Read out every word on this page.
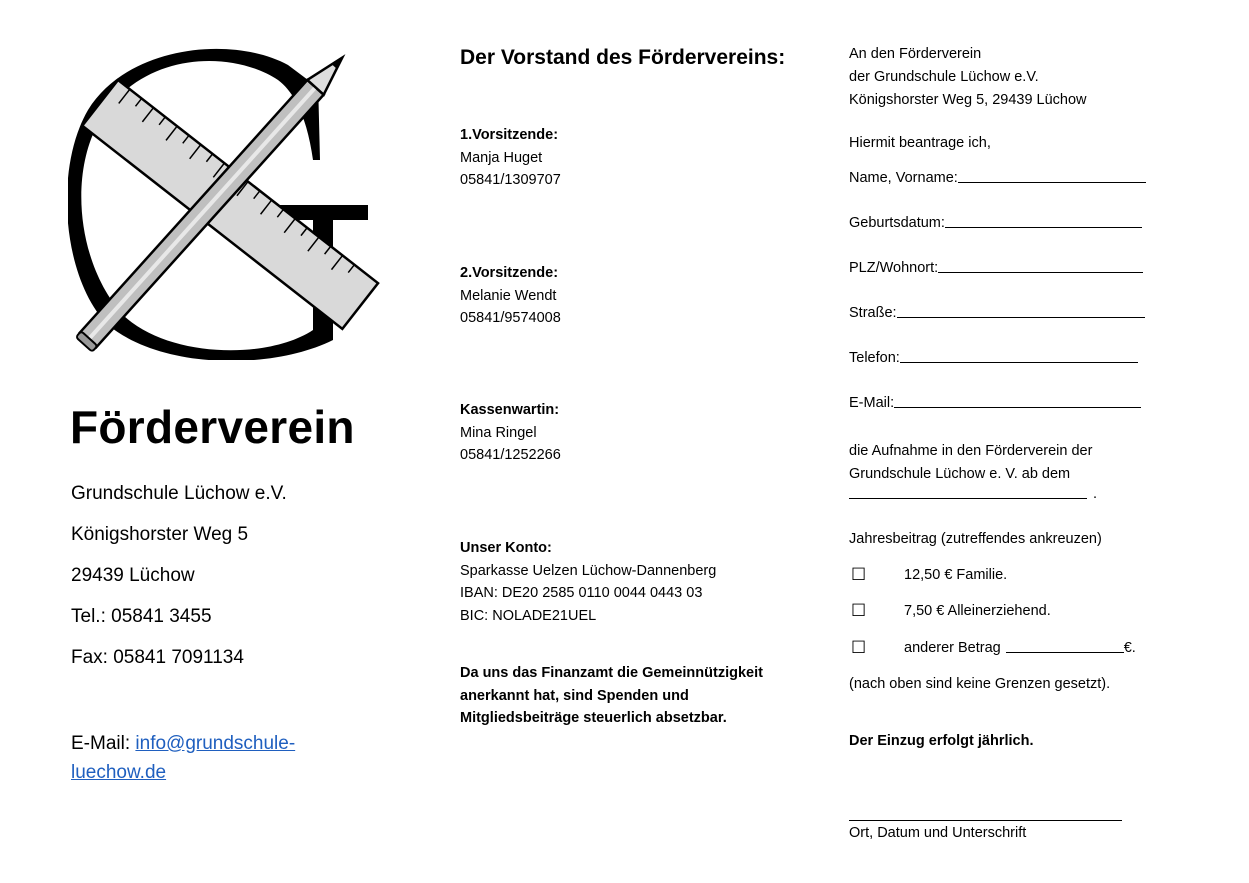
Förderverein
Grundschule Lüchow e.V.
Königshorster Weg 5
29439 Lüchow
Tel.: 05841 3455
Fax: 05841 7091134
E-Mail: info@grundschule-luechow.de
Der Vorstand des Fördervereins:
1.Vorsitzende:
Manja Huget
05841/1309707
2.Vorsitzende:
Melanie Wendt
05841/9574008
Kassenwartin:
Mina Ringel
05841/1252266
Unser Konto:
Sparkasse Uelzen Lüchow-Dannenberg
IBAN: DE20 2585 0110 0044 0443 03
BIC: NOLADE21UEL
Da uns das Finanzamt die Gemeinnützigkeit
anerkannt hat, sind Spenden und
Mitgliedsbeiträge steuerlich absetzbar.
An den Förderverein
der Grundschule Lüchow e.V.
Königshorster Weg 5, 29439 Lüchow
Hiermit beantrage ich,
Name, Vorname:
Geburtsdatum:
PLZ/Wohnort:
Straße:
Telefon:
E-Mail:
die Aufnahme in den Förderverein der
Grundschule Lüchow e. V. ab dem
.
Jahresbeitrag (zutreffendes ankreuzen)
☐	12,50 € Familie.
☐	7,50 € Alleinerziehend.
☐	anderer Betrag	€.
(nach oben sind keine Grenzen gesetzt).
Der Einzug erfolgt jährlich.
Ort, Datum und Unterschrift
